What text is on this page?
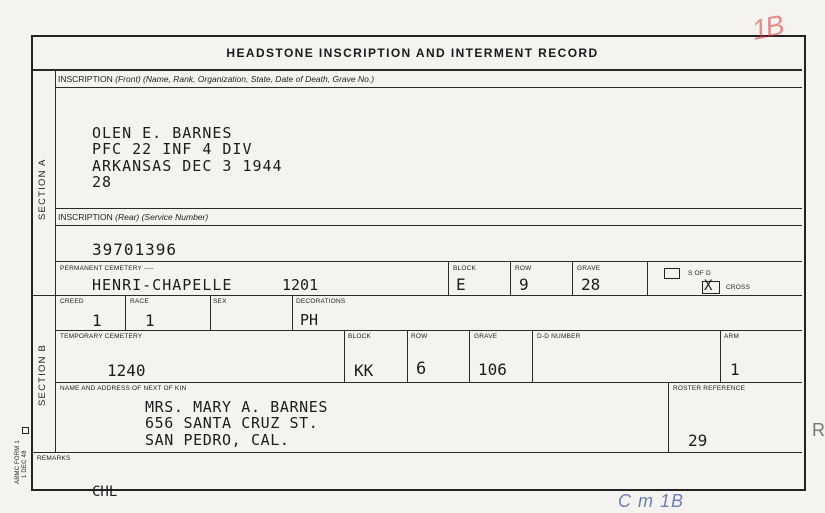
HEADSTONE INSCRIPTION AND INTERMENT RECORD
SECTION A
SECTION B
INSCRIPTION (Front) (Name, Rank, Organization, State, Date of Death, Grave No.)
OLEN E. BARNES
PFC 22 INF 4 DIV
ARKANSAS DEC 3 1944
28
INSCRIPTION (Rear) (Service Number)
39701396
PERMANENT CEMETERY ----
HENRI-CHAPELLE	1201
BLOCK
E
ROW
9
GRAVE
28
S OF D
X CROSS
CREED
1
RACE
1
SEX	DECORATIONS
PH
TEMPORARY CEMETERY
1240
BLOCK
KK
ROW
6
GRAVE
106
D-D NUMBER	ARM
1
NAME AND ADDRESS OF NEXT OF KIN
MRS. MARY A. BARNES
656 SANTA CRUZ ST.
SAN PEDRO, CAL.
ROSTER REFERENCE
29
REMARKS
CHL
ABMC FORM 1 1 DEC 48
1B
C m 1B
R
